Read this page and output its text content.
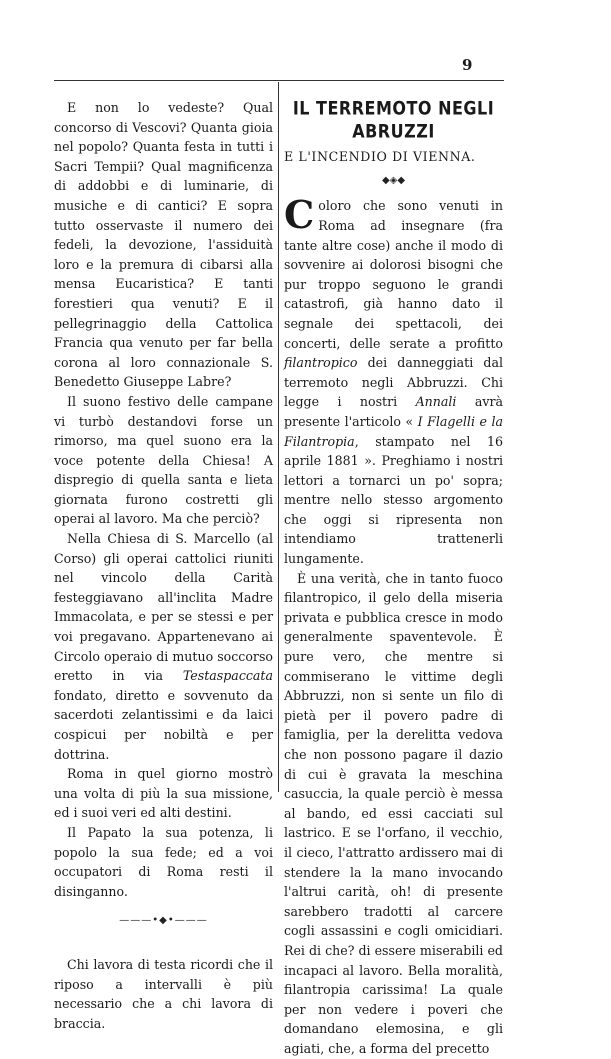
9

E non lo vedeste? Qual concorso di Vescovi? Quanta gioia nel popolo? Quanta festa in tutti i Sacri Tempii? Qual magnificenza di addobbi e di luminarie, di musiche e di cantici? E sopra tutto osservaste il numero dei fedeli, la devozione, l'assiduità loro e la premura di cibarsi alla mensa Eucaristica? E tanti forestieri qua venuti? E il pellegrinaggio della Cattolica Francia qua venuto per far bella corona al loro connazionale S. Benedetto Giuseppe Labre?

Il suono festivo delle campane vi turbò destandovi forse un rimorso, ma quel suono era la voce potente della Chiesa! A dispregio di quella santa e lieta giornata furono costretti gli operai al lavoro. Ma che perciò?

Nella Chiesa di S. Marcello (al Corso) gli operai cattolici riuniti nel vincolo della Carità festeggiavano all'inclita Madre Immacolata, e per se stessi e per voi pregavano. Appartenevano ai Circolo operaio di mutuo soccorso eretto in via Testaspaccata fondato, diretto e sovvenuto da sacerdoti zelantissimi e da laici cospicui per nobiltà e per dottrina.

Roma in quel giorno mostrò una volta di più la sua missione, ed i suoi veri ed alti destini.

Il Papato la sua potenza, li popolo la sua fede; ed a voi occupatori di Roma resti il disinganno.

———•◆•———

Chi lavora di testa ricordi che il riposo a intervalli è più necessario che a chi lavora di braccia.

IL TERREMOTO NEGLI ABRUZZI

E L'INCENDIO DI VIENNA.

◆◈◆

Coloro che sono venuti in Roma ad insegnare (fra tante altre cose) anche il modo di sovvenire ai dolorosi bisogni che pur troppo seguono le grandi catastrofi, già hanno dato il segnale dei spettacoli, dei concerti, delle serate a profitto filantropico dei danneggiati dal terremoto negli Abbruzzi. Chi legge i nostri Annali avrà presente l'articolo « I Flagelli e la Filantropia, stampato nel 16 aprile 1881 ». Preghiamo i nostri lettori a tornarci un po' sopra; mentre nello stesso argomento che oggi si ripresenta non intendiamo trattenerli lungamente.

È una verità, che in tanto fuoco filantropico, il gelo della miseria privata e pubblica cresce in modo generalmente spaventevole. È pure vero, che mentre si commiserano le vittime degli Abbruzzi, non si sente un filo di pietà per il povero padre di famiglia, per la derelitta vedova che non possono pagare il dazio di cui è gravata la meschina casuccia, la quale perciò è messa al bando, ed essi cacciati sul lastrico. E se l'orfano, il vecchio, il cieco, l'attratto ardissero mai di stendere la la mano invocando l'altrui carità, oh! di presente sarebbero tradotti al carcere cogli assassini e cogli omicidiari. Rei di che? di essere miserabili ed incapaci al lavoro. Bella moralità, filantropia carissima! La quale per non vedere i poveri che domandano elemosina, e gli agiati, che, a forma del precetto
